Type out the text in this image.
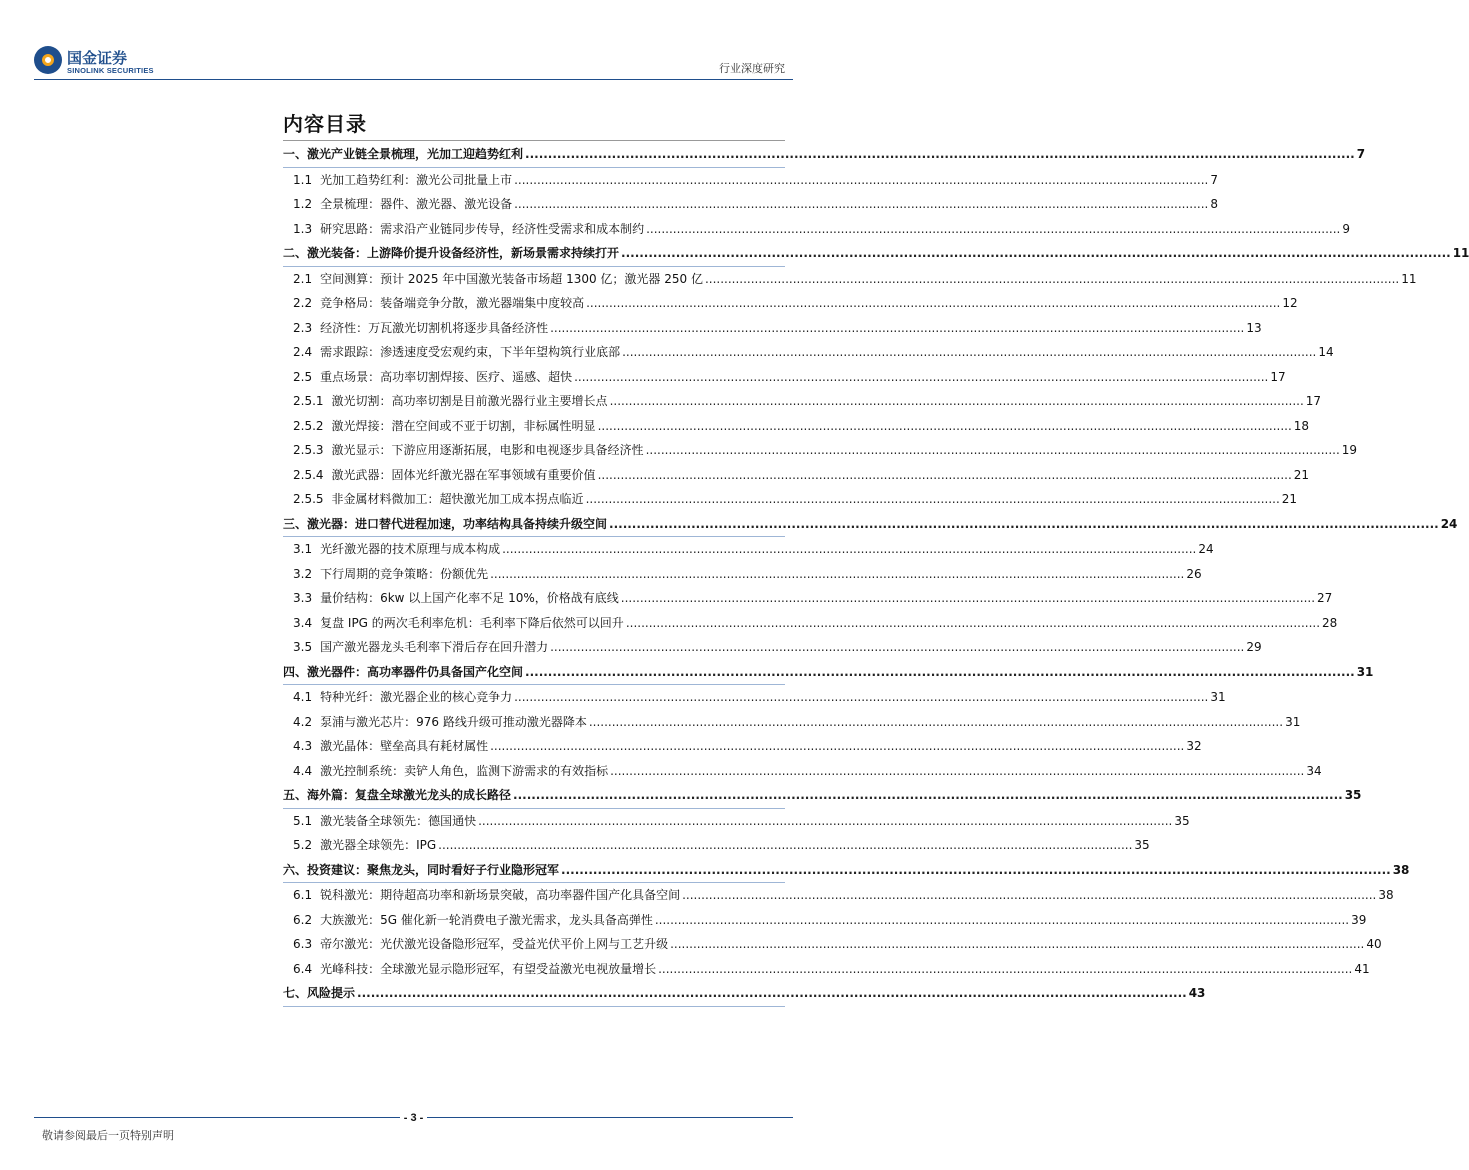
国金证券
SINOLINK SECURITIES	行业深度研究
内容目录
一、激光产业链全景梳理，光加工迎趋势红利 .....	7
1.1 光加工趋势红利：激光公司批量上市 .....	7
1.2 全景梳理：器件、激光器、激光设备 .....	8
1.3 研究思路：需求沿产业链同步传导，经济性受需求和成本制约 .....	9
二、激光装备：上游降价提升设备经济性，新场景需求持续打开 .....	11
2.1 空间测算：预计 2025 年中国激光装备市场超 1300 亿；激光器 250 亿 .....	11
2.2 竞争格局：装备端竞争分散，激光器端集中度较高 .....	12
2.3 经济性：万瓦激光切割机将逐步具备经济性 .....	13
2.4 需求跟踪：渗透速度受宏观约束，下半年望构筑行业底部 .....	14
2.5 重点场景：高功率切割焊接、医疗、遥感、超快 .....	17
2.5.1 激光切割：高功率切割是目前激光器行业主要增长点 .....	17
2.5.2 激光焊接：潜在空间或不亚于切割，非标属性明显 .....	18
2.5.3 激光显示：下游应用逐渐拓展，电影和电视逐步具备经济性 .....	19
2.5.4 激光武器：固体光纤激光器在军事领域有重要价值 .....	21
2.5.5 非金属材料微加工：超快激光加工成本拐点临近 .....	21
三、激光器：进口替代进程加速，功率结构具备持续升级空间 .....	24
3.1 光纤激光器的技术原理与成本构成 .....	24
3.2 下行周期的竞争策略：份额优先 .....	26
3.3 量价结构：6kw 以上国产化率不足 10%，价格战有底线 .....	27
3.4 复盘 IPG 的两次毛利率危机：毛利率下降后依然可以回升 .....	28
3.5 国产激光器龙头毛利率下滑后存在回升潜力 .....	29
四、激光器件：高功率器件仍具备国产化空间 .....	31
4.1 特种光纤：激光器企业的核心竞争力 .....	31
4.2 泵浦与激光芯片：976 路线升级可推动激光器降本 .....	31
4.3 激光晶体：壁垒高具有耗材属性 .....	32
4.4 激光控制系统：卖铲人角色，监测下游需求的有效指标 .....	34
五、海外篇：复盘全球激光龙头的成长路径 .....	35
5.1 激光装备全球领先：德国通快 .....	35
5.2 激光器全球领先：IPG .....	35
六、投资建议：聚焦龙头，同时看好子行业隐形冠军 .....	38
6.1 锐科激光：期待超高功率和新场景突破，高功率器件国产化具备空间 .....	38
6.2 大族激光：5G 催化新一轮消费电子激光需求，龙头具备高弹性 .....	39
6.3 帝尔激光：光伏激光设备隐形冠军，受益光伏平价上网与工艺升级 .....	40
6.4 光峰科技：全球激光显示隐形冠军，有望受益激光电视放量增长 .....	41
七、风险提示 .....	43
- 3 -
敬请参阅最后一页特别声明
